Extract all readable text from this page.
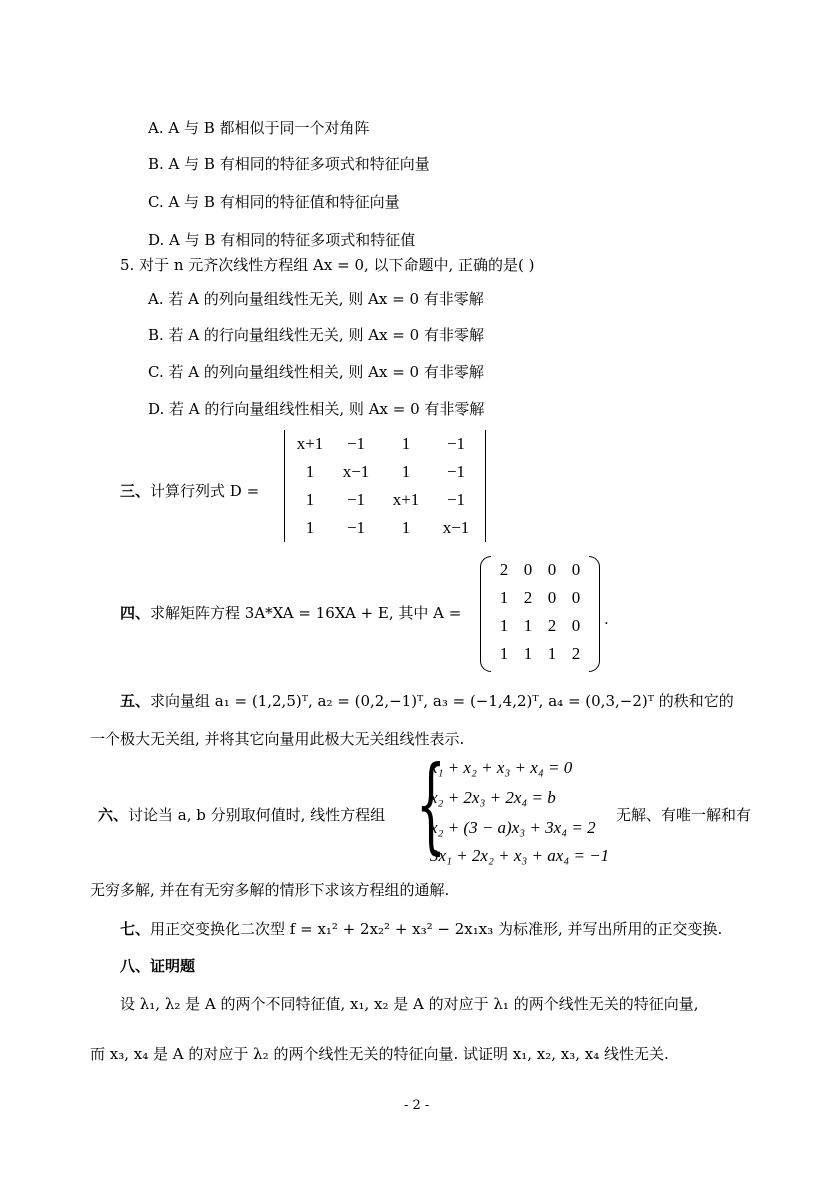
A. A 与 B 都相似于同一个对角阵
B. A 与 B 有相同的特征多项式和特征向量
C. A 与 B 有相同的特征值和特征向量
D. A 与 B 有相同的特征多项式和特征值
5. 对于 n 元齐次线性方程组 Ax = 0, 以下命题中, 正确的是( )
A. 若 A 的列向量组线性无关, 则 Ax = 0 有非零解
B. 若 A 的行向量组线性无关, 则 Ax = 0 有非零解
C. 若 A 的列向量组线性相关, 则 Ax = 0 有非零解
D. 若 A 的行向量组线性相关, 则 Ax = 0 有非零解
三、计算行列式 D =
x+1	−1	1	−1
1	x−1	1	−1
1	−1	x+1	−1
1	−1	1	x−1
四、求解矩阵方程 3A*XA = 16XA + E, 其中 A =
2 0 0 0
1 2 0 0
1 1 2 0
1 1 1 2
.
五、求向量组 a₁ = (1,2,5)ᵀ, a₂ = (0,2,−1)ᵀ, a₃ = (−1,4,2)ᵀ, a₄ = (0,3,−2)ᵀ 的秩和它的
一个极大无关组, 并将其它向量用此极大无关组线性表示.
六、讨论当 a, b 分别取何值时, 线性方程组 {
x₁ + x₂ + x₃ + x₄ = 0
x₂ + 2x₃ + 2x₄ = b
x₂ + (3 − a)x₃ + 3x₄ = 2
3x₁ + 2x₂ + x₃ + ax₄ = −1
无解、有唯一解和有
无穷多解, 并在有无穷多解的情形下求该方程组的通解.
七、用正交变换化二次型 f = x₁² + 2x₂² + x₃² − 2x₁x₃ 为标准形, 并写出所用的正交变换.
八、证明题
设 λ₁, λ₂ 是 A 的两个不同特征值, x₁, x₂ 是 A 的对应于 λ₁ 的两个线性无关的特征向量,
而 x₃, x₄ 是 A 的对应于 λ₂ 的两个线性无关的特征向量. 试证明 x₁, x₂, x₃, x₄ 线性无关.
- 2 -
